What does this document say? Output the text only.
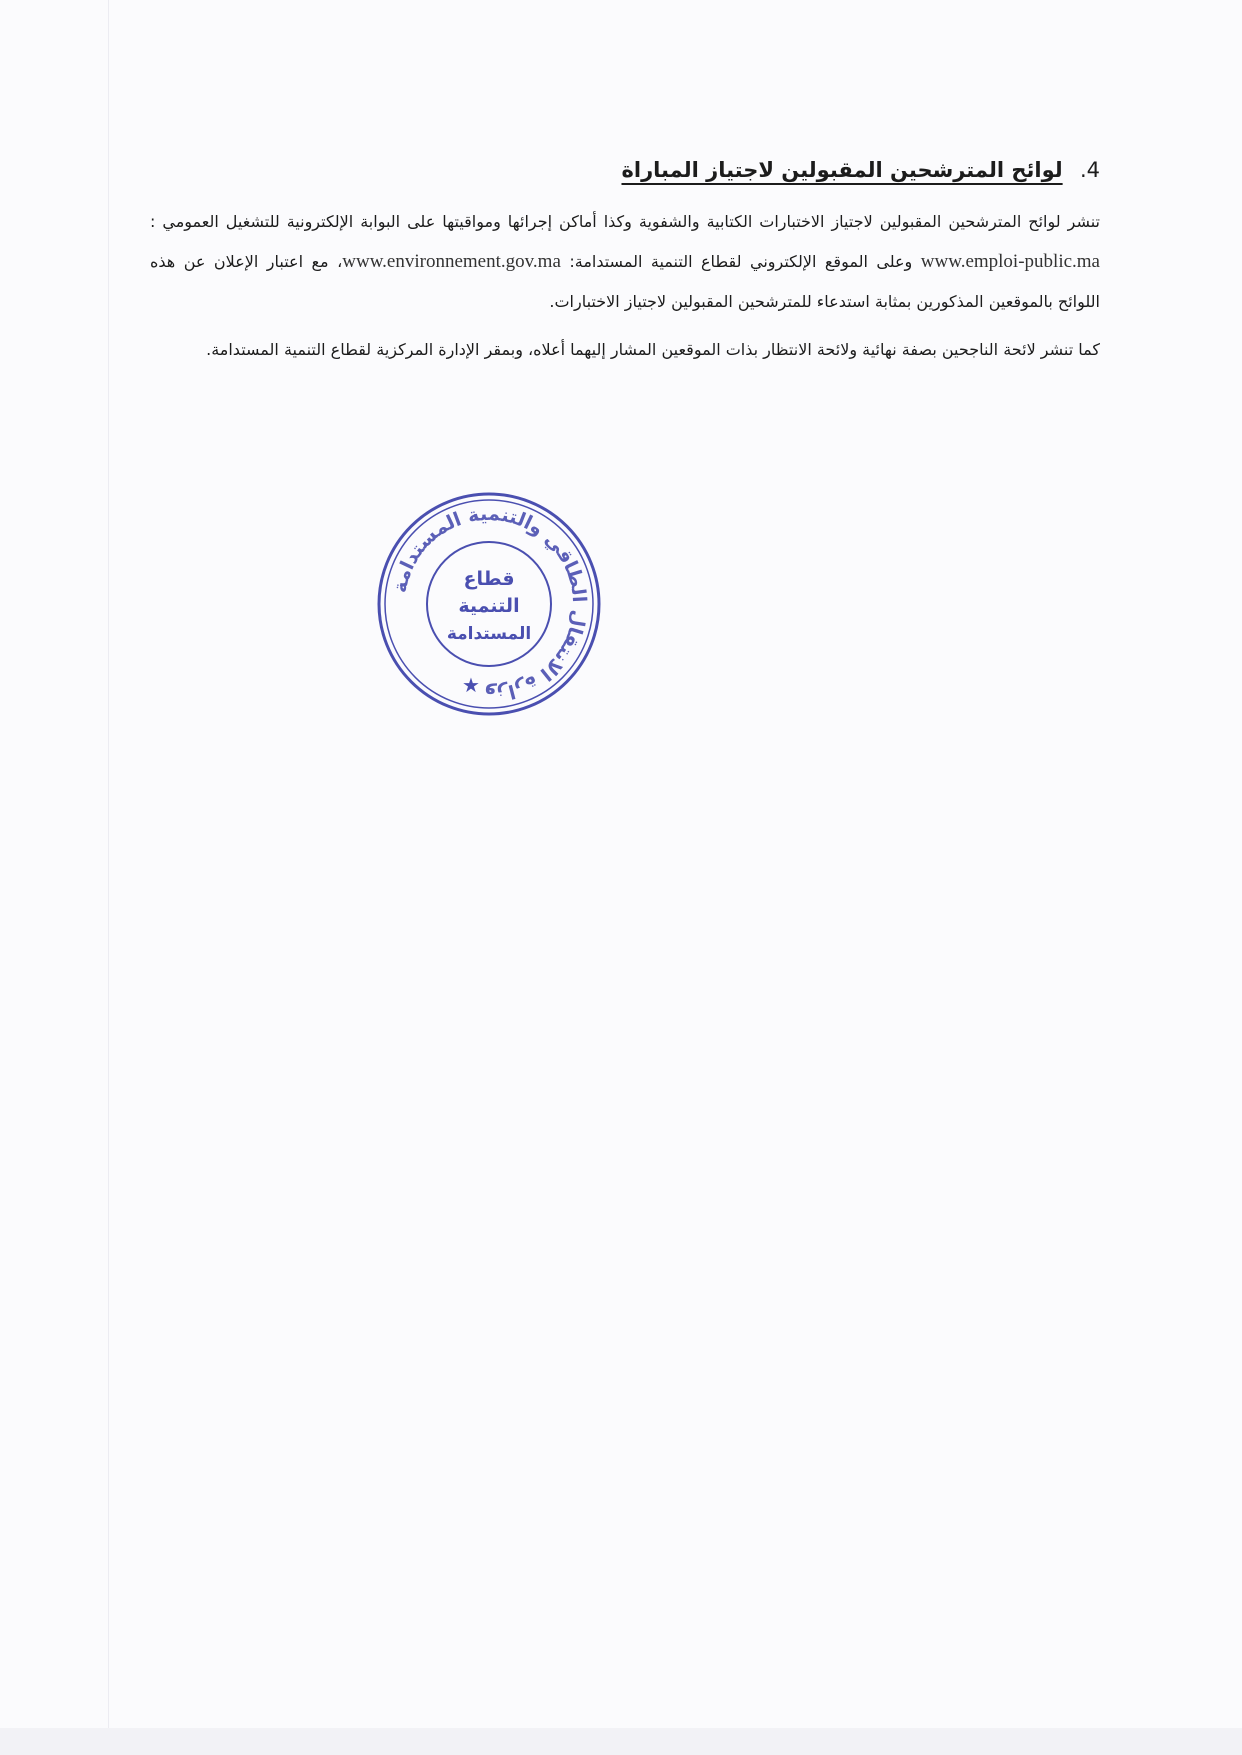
4. لوائح المترشحين المقبولين لاجتياز المباراة

تنشر لوائح المترشحين المقبولين لاجتياز الاختبارات الكتابية والشفوية وكذا أماكن إجرائها ومواقيتها على البوابة الإلكترونية للتشغيل العمومي : www.emploi-public.ma وعلى الموقع الإلكتروني لقطاع التنمية المستدامة: www.environnement.gov.ma، مع اعتبار الإعلان عن هذه اللوائح بالموقعين المذكورين بمثابة استدعاء للمترشحين المقبولين لاجتياز الاختبارات.

كما تنشر لائحة الناجحين بصفة نهائية ولائحة الانتظار بذات الموقعين المشار إليهما أعلاه، وبمقر الإدارة المركزية لقطاع التنمية المستدامة.

وزارة الانتقال الطاقي والتنمية المستدامة
قطاع
التنمية
المستدامة
★
